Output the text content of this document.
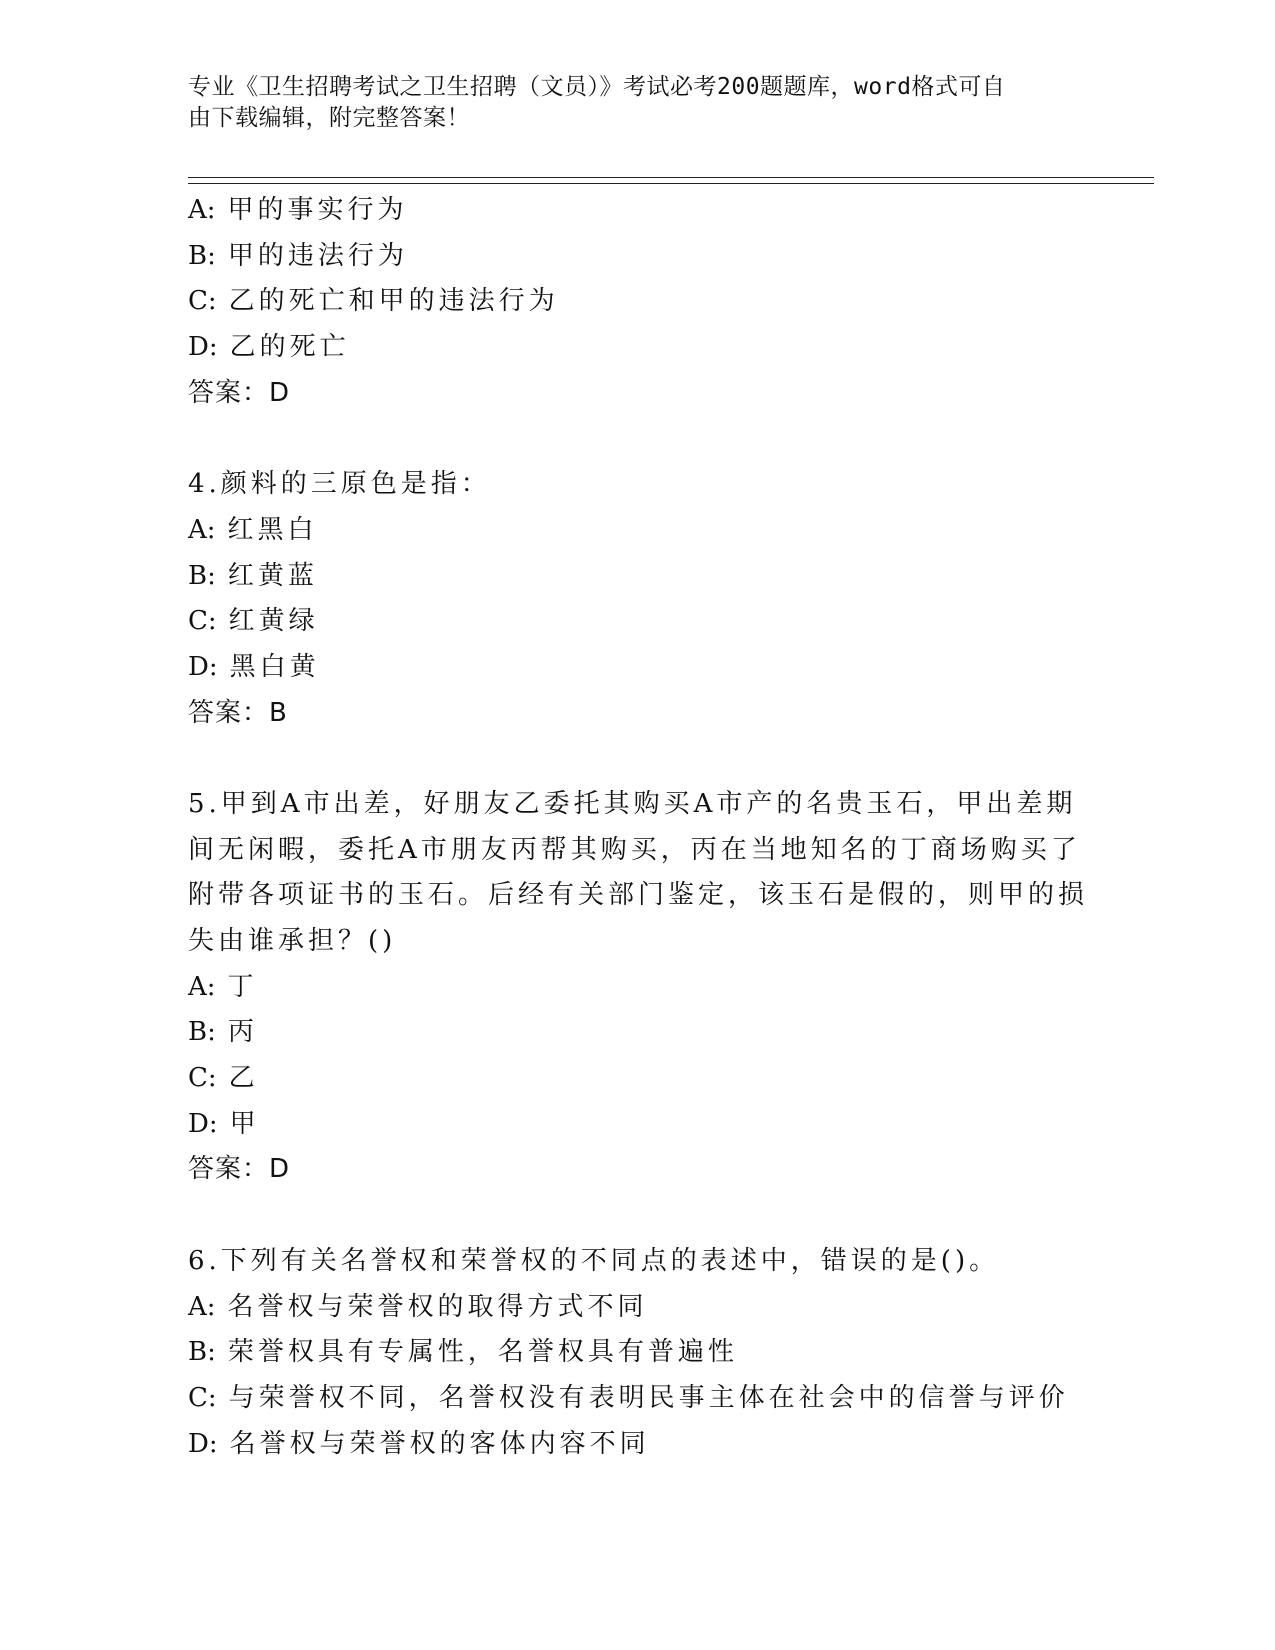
专业《卫生招聘考试之卫生招聘（文员）》考试必考200题题库，word格式可自
由下载编辑，附完整答案！
A: 甲的事实行为
B: 甲的违法行为
C: 乙的死亡和甲的违法行为
D: 乙的死亡
答案：D
4.颜料的三原色是指：
A: 红黑白
B: 红黄蓝
C: 红黄绿
D: 黑白黄
答案：B
5.甲到A市出差，好朋友乙委托其购买A市产的名贵玉石，甲出差期
间无闲暇，委托A市朋友丙帮其购买，丙在当地知名的丁商场购买了
附带各项证书的玉石。后经有关部门鉴定，该玉石是假的，则甲的损
失由谁承担？()
A: 丁
B: 丙
C: 乙
D: 甲
答案：D
6.下列有关名誉权和荣誉权的不同点的表述中，错误的是()。
A: 名誉权与荣誉权的取得方式不同
B: 荣誉权具有专属性，名誉权具有普遍性
C: 与荣誉权不同，名誉权没有表明民事主体在社会中的信誉与评价
D: 名誉权与荣誉权的客体内容不同
